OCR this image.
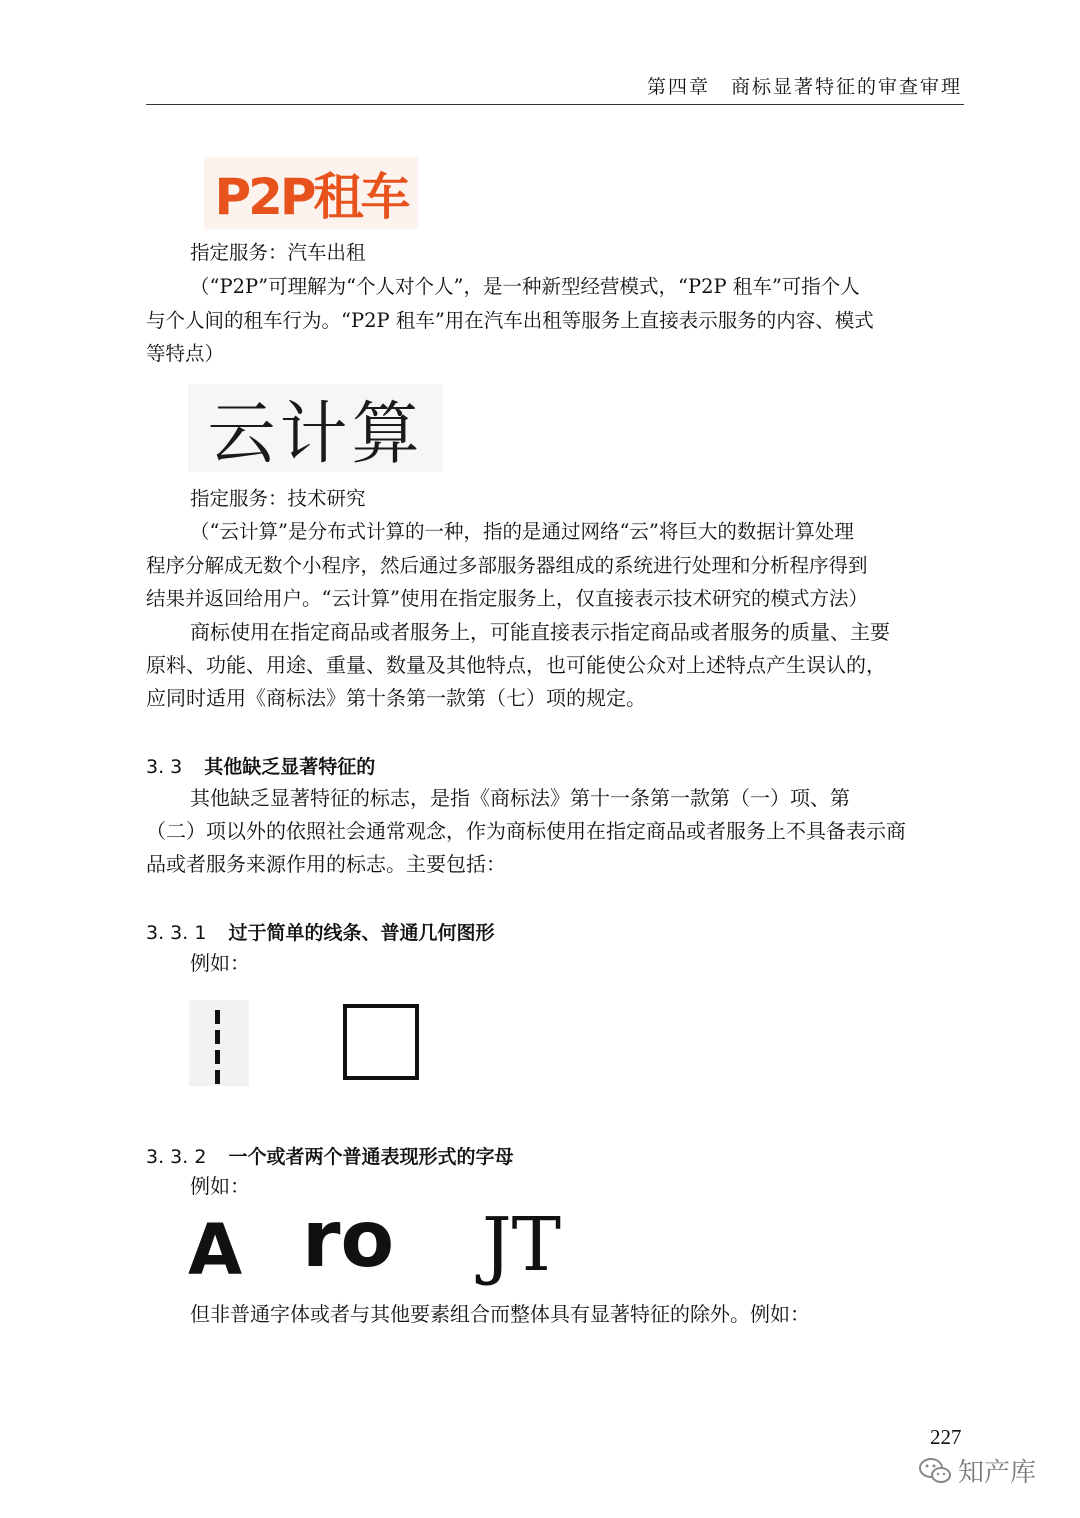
第四章　商标显著特征的审查审理
P2P租车
指定服务：汽车出租
（“P2P”可理解为“个人对个人”，是一种新型经营模式，“P2P 租车”可指个人
与个人间的租车行为。“P2P 租车”用在汽车出租等服务上直接表示服务的内容、模式
等特点）
云计算
指定服务：技术研究
（“云计算”是分布式计算的一种，指的是通过网络“云”将巨大的数据计算处理
程序分解成无数个小程序，然后通过多部服务器组成的系统进行处理和分析程序得到
结果并返回给用户。“云计算”使用在指定服务上，仅直接表示技术研究的模式方法）
商标使用在指定商品或者服务上，可能直接表示指定商品或者服务的质量、主要
原料、功能、用途、重量、数量及其他特点，也可能使公众对上述特点产生误认的，
应同时适用《商标法》第十条第一款第（七）项的规定。
3. 3 其他缺乏显著特征的
其他缺乏显著特征的标志，是指《商标法》第十一条第一款第（一）项、第
（二）项以外的依照社会通常观念，作为商标使用在指定商品或者服务上不具备表示商
品或者服务来源作用的标志。主要包括：
3. 3. 1 过于简单的线条、普通几何图形
例如：
3. 3. 2 一个或者两个普通表现形式的字母
例如：
A ro JT
但非普通字体或者与其他要素组合而整体具有显著特征的除外。例如：
227
知产库
